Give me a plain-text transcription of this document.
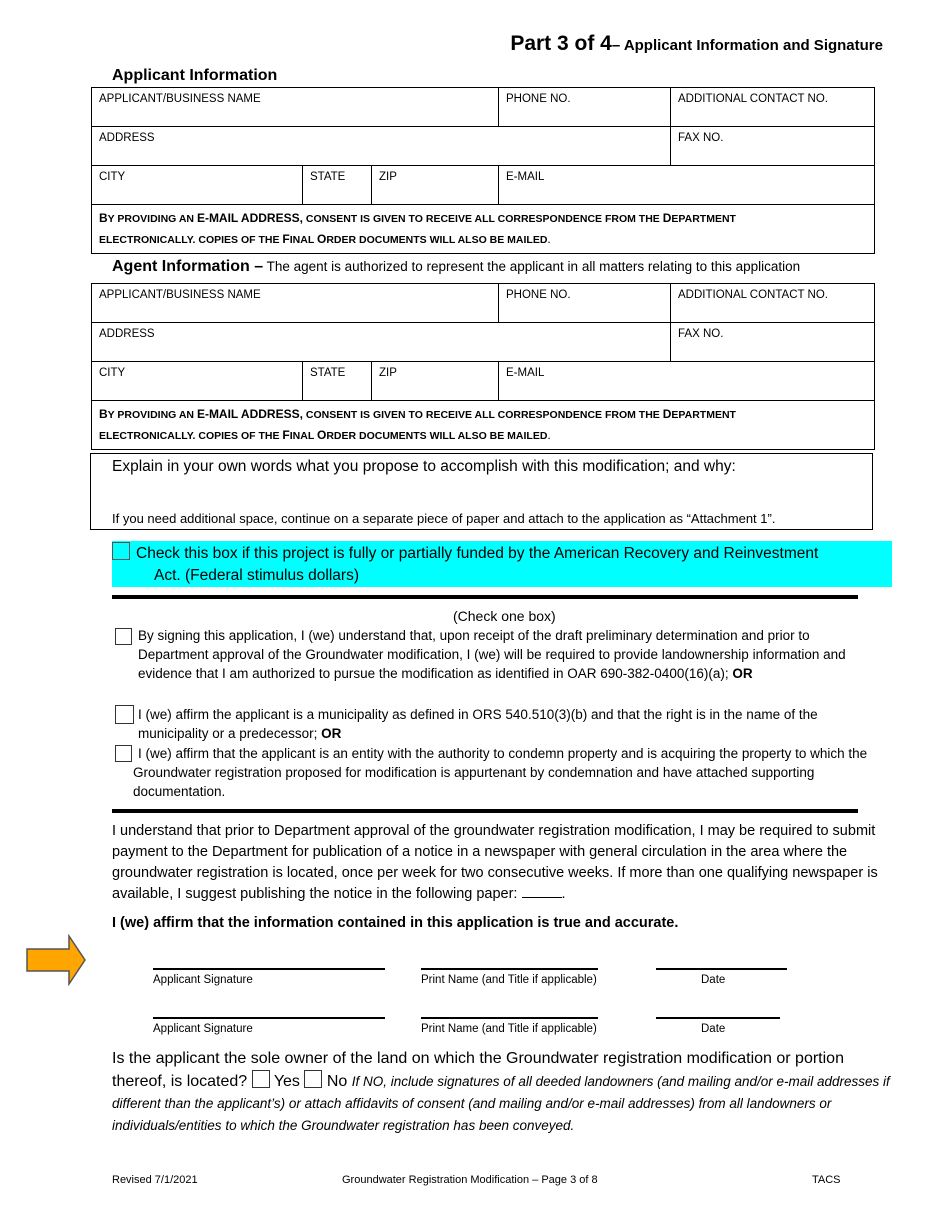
Part 3 of 4– Applicant Information and Signature
Applicant Information
APPLICANT/BUSINESS NAME			PHONE NO.	ADDITIONAL CONTACT NO.
ADDRESS				FAX NO.
CITY	STATE	ZIP	E-MAIL	
BY PROVIDING AN E-MAIL ADDRESS, CONSENT IS GIVEN TO RECEIVE ALL CORRESPONDENCE FROM THE DEPARTMENT
ELECTRONICALLY. COPIES OF THE FINAL ORDER DOCUMENTS WILL ALSO BE MAILED.				
Agent Information – The agent is authorized to represent the applicant in all matters relating to this application
APPLICANT/BUSINESS NAME			PHONE NO.	ADDITIONAL CONTACT NO.
ADDRESS				FAX NO.
CITY	STATE	ZIP	E-MAIL	
BY PROVIDING AN E-MAIL ADDRESS, CONSENT IS GIVEN TO RECEIVE ALL CORRESPONDENCE FROM THE DEPARTMENT
ELECTRONICALLY. COPIES OF THE FINAL ORDER DOCUMENTS WILL ALSO BE MAILED.				
Explain in your own words what you propose to accomplish with this modification; and why:
If you need additional space, continue on a separate piece of paper and attach to the application as “Attachment 1”.
Check this box if this project is fully or partially funded by the American Recovery and Reinvestment
Act. (Federal stimulus dollars)
(Check one box)
By signing this application, I (we) understand that, upon receipt of the draft preliminary determination and prior to Department approval of the Groundwater modification, I (we) will be required to provide landownership information and evidence that I am authorized to pursue the modification as identified in OAR 690-382-0400(16)(a); OR
I (we) affirm the applicant is a municipality as defined in ORS 540.510(3)(b) and that the right is in the name of the municipality or a predecessor; OR
I (we) affirm that the applicant is an entity with the authority to condemn property and is acquiring the property to which the Groundwater registration proposed for modification is appurtenant by condemnation and have attached supporting documentation.
I understand that prior to Department approval of the groundwater registration modification, I may be required to submit payment to the Department for publication of a notice in a newspaper with general circulation in the area where the groundwater registration is located, once per week for two consecutive weeks. If more than one qualifying newspaper is available, I suggest publishing the notice in the following paper:	.
I (we) affirm that the information contained in this application is true and accurate.
Applicant Signature	Print Name (and Title if applicable)	Date
Applicant Signature	Print Name (and Title if applicable)	Date
Is the applicant the sole owner of the land on which the Groundwater registration modification or portion thereof, is located? Yes No If NO, include signatures of all deeded landowners (and mailing and/or e-mail addresses if different than the applicant’s) or attach affidavits of consent (and mailing and/or e-mail addresses) from all landowners or individuals/entities to which the Groundwater registration has been conveyed.
Revised 7/1/2021	Groundwater Registration Modification – Page 3 of 8	TACS
